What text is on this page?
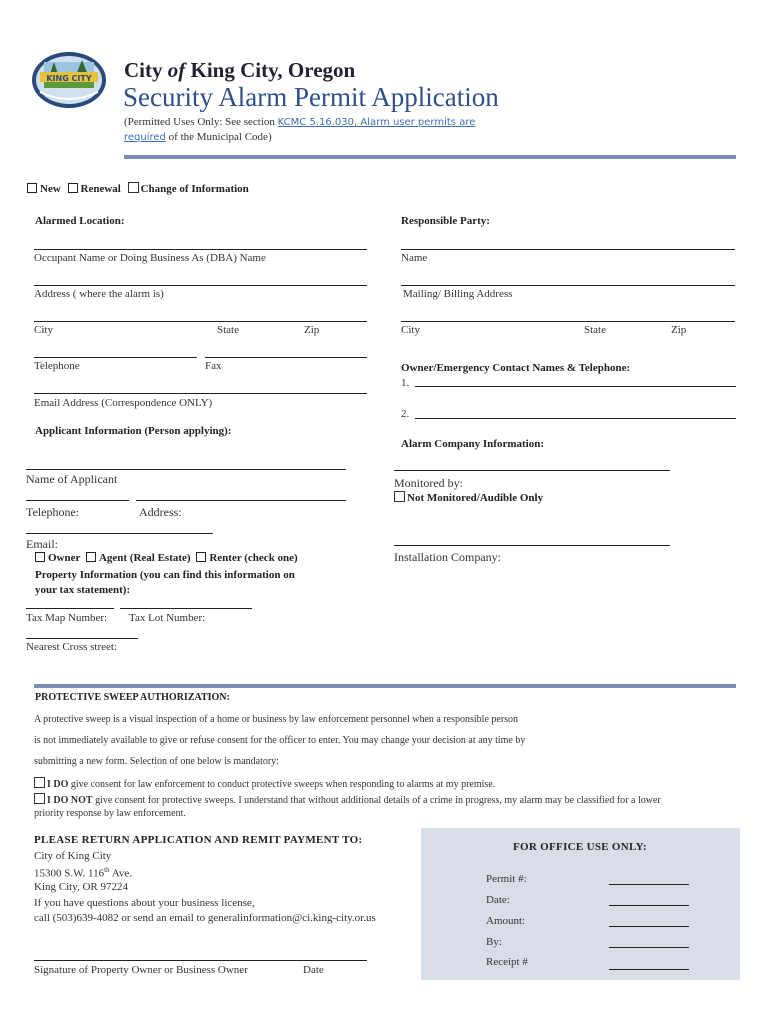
KING CITY City of King City, Oregon
Security Alarm Permit Application
(Permitted Uses Only: See section KCMC 5.16.030, Alarm user permits are
required of the Municipal Code)
New Renewal Change of Information
Alarmed Location:
Occupant Name or Doing Business As (DBA) Name
Address ( where the alarm is)
City	State	Zip
Telephone	Fax
Email Address (Correspondence ONLY)
Applicant Information (Person applying):
Name of Applicant
Telephone:	Address:
Email:
Owner Agent (Real Estate) Renter (check one)
Property Information (you can find this information on
your tax statement):
Tax Map Number: Tax Lot Number:
Nearest Cross street:
Responsible Party:
Name
Mailing/ Billing Address
City	State	Zip
Owner/Emergency Contact Names & Telephone:
1.
2.
Alarm Company Information:
Monitored by:
Not Monitored/Audible Only
Installation Company:
PROTECTIVE SWEEP AUTHORIZATION:
A protective sweep is a visual inspection of a home or business by law enforcement personnel when a responsible person
is not immediately available to give or refuse consent for the officer to enter. You may change your decision at any time by
submitting a new form. Selection of one below is mandatory:
I DO give consent for law enforcement to conduct protective sweeps when responding to alarms at my premise.
I DO NOT give consent for protective sweeps. I understand that without additional details of a crime in progress, my alarm may be classified for a lower
priority response by law enforcement.
PLEASE RETURN APPLICATION AND REMIT PAYMENT TO:
City of King City
15300 S.W. 116th Ave.
King City, OR 97224
If you have questions about your business license,
call (503)639-4082 or send an email to generalinformation@ci.king-city.or.us
Signature of Property Owner or Business Owner	Date
FOR OFFICE USE ONLY:
Permit #:
Date:
Amount:
By:
Receipt #
